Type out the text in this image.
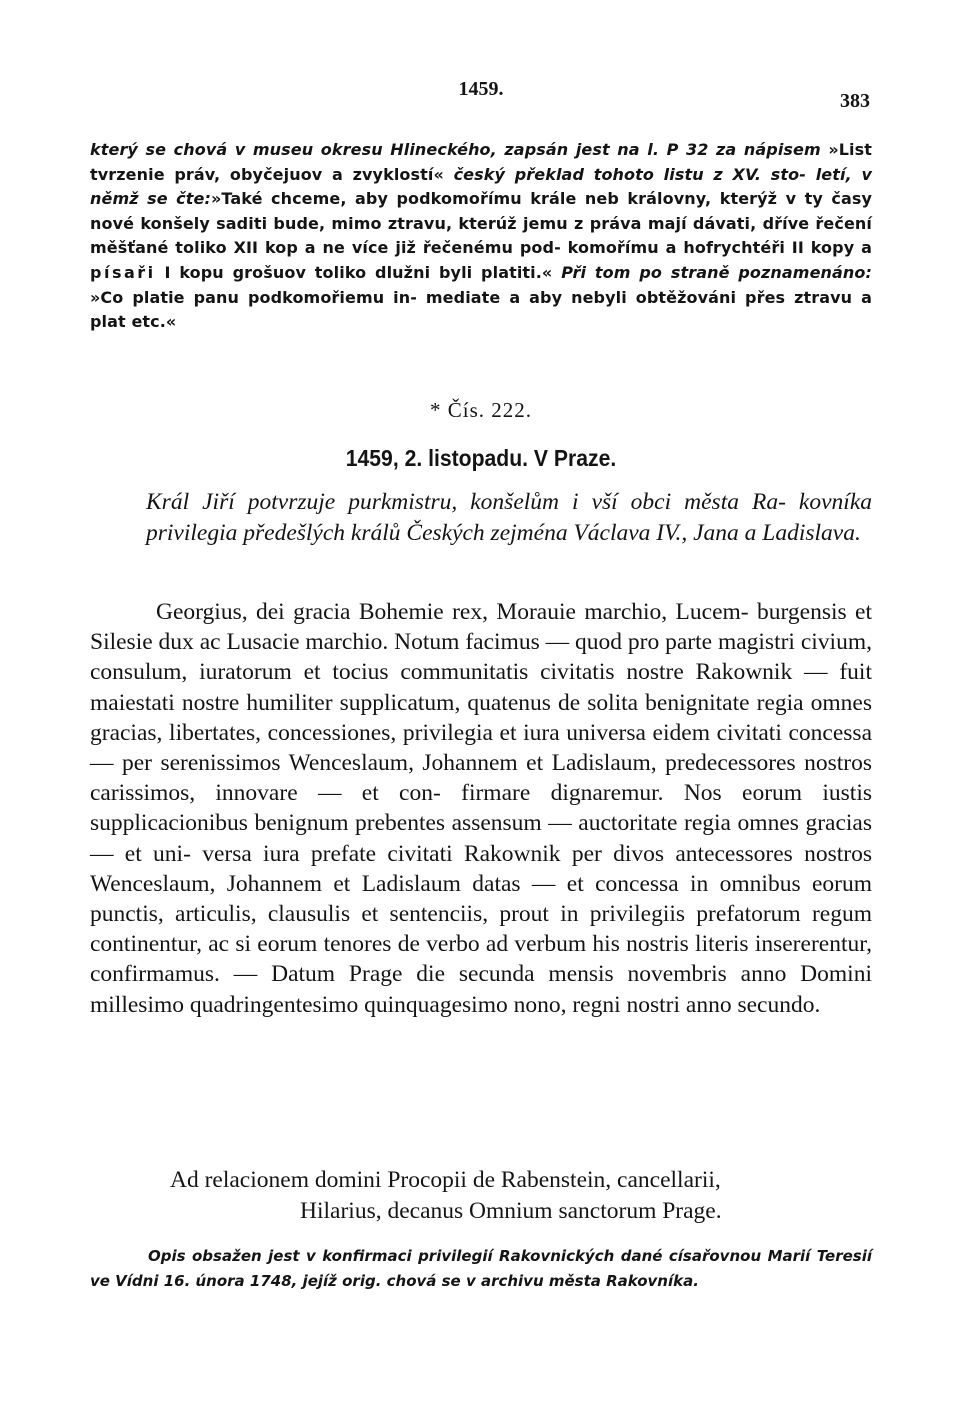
1459.
383
který se chová v museu okresu Hlineckého, zapsán jest na l. P 32 za nápisem »List tvrzenie práv, obyčejuov a zvyklostí« český překlad tohoto listu z XV. sto- letí, v němž se čte:»Také chceme, aby podkomořímu krále neb královny, kterýž v ty časy nové konšely saditi bude, mimo ztravu, kterúž jemu z práva mají dávati, dříve řečení měšťané toliko XII kop a ne více již řečenému pod- komořímu a hofrychtéři II kopy a písaři I kopu grošuov toliko dlužni byli platiti.« Při tom po straně poznamenáno: »Co platie panu podkomořiemu in- mediate a aby nebyli obtěžováni přes ztravu a plat etc.«
* Čís. 222.
1459, 2. listopadu. V Praze.
Král Jiří potvrzuje purkmistru, konšelům i vší obci města Ra- kovníka privilegia předešlých králů Českých zejména Václava IV., Jana a Ladislava.

Georgius, dei gracia Bohemie rex, Morauie marchio, Lucem- burgensis et Silesie dux ac Lusacie marchio. Notum facimus — quod pro parte magistri civium, consulum, iuratorum et tocius communitatis civitatis nostre Rakownik — fuit maiestati nostre humiliter supplicatum, quatenus de solita benignitate regia omnes gracias, libertates, concessiones, privilegia et iura universa eidem civitati concessa — per serenissimos Wenceslaum, Johannem et Ladislaum, predecessores nostros carissimos, innovare — et con- firmare dignaremur. Nos eorum iustis supplicacionibus benignum prebentes assensum — auctoritate regia omnes gracias — et uni- versa iura prefate civitati Rakownik per divos antecessores nostros Wenceslaum, Johannem et Ladislaum datas — et concessa in omnibus eorum punctis, articulis, clausulis et sentenciis, prout in privilegiis prefatorum regum continentur, ac si eorum tenores de verbo ad verbum his nostris literis insererentur, confirmamus. — Datum Prage die secunda mensis novembris anno Domini millesimo quadringentesimo quinquagesimo nono, regni nostri anno secundo.

Ad relacionem domini Procopii de Rabenstein, cancellarii,
Hilarius, decanus Omnium sanctorum Prage.
Opis obsažen jest v konfirmaci privilegií Rakovnických dané císařovnou Marií Teresií ve Vídni 16. února 1748, jejíž orig. chová se v archivu města Rakovníka.
